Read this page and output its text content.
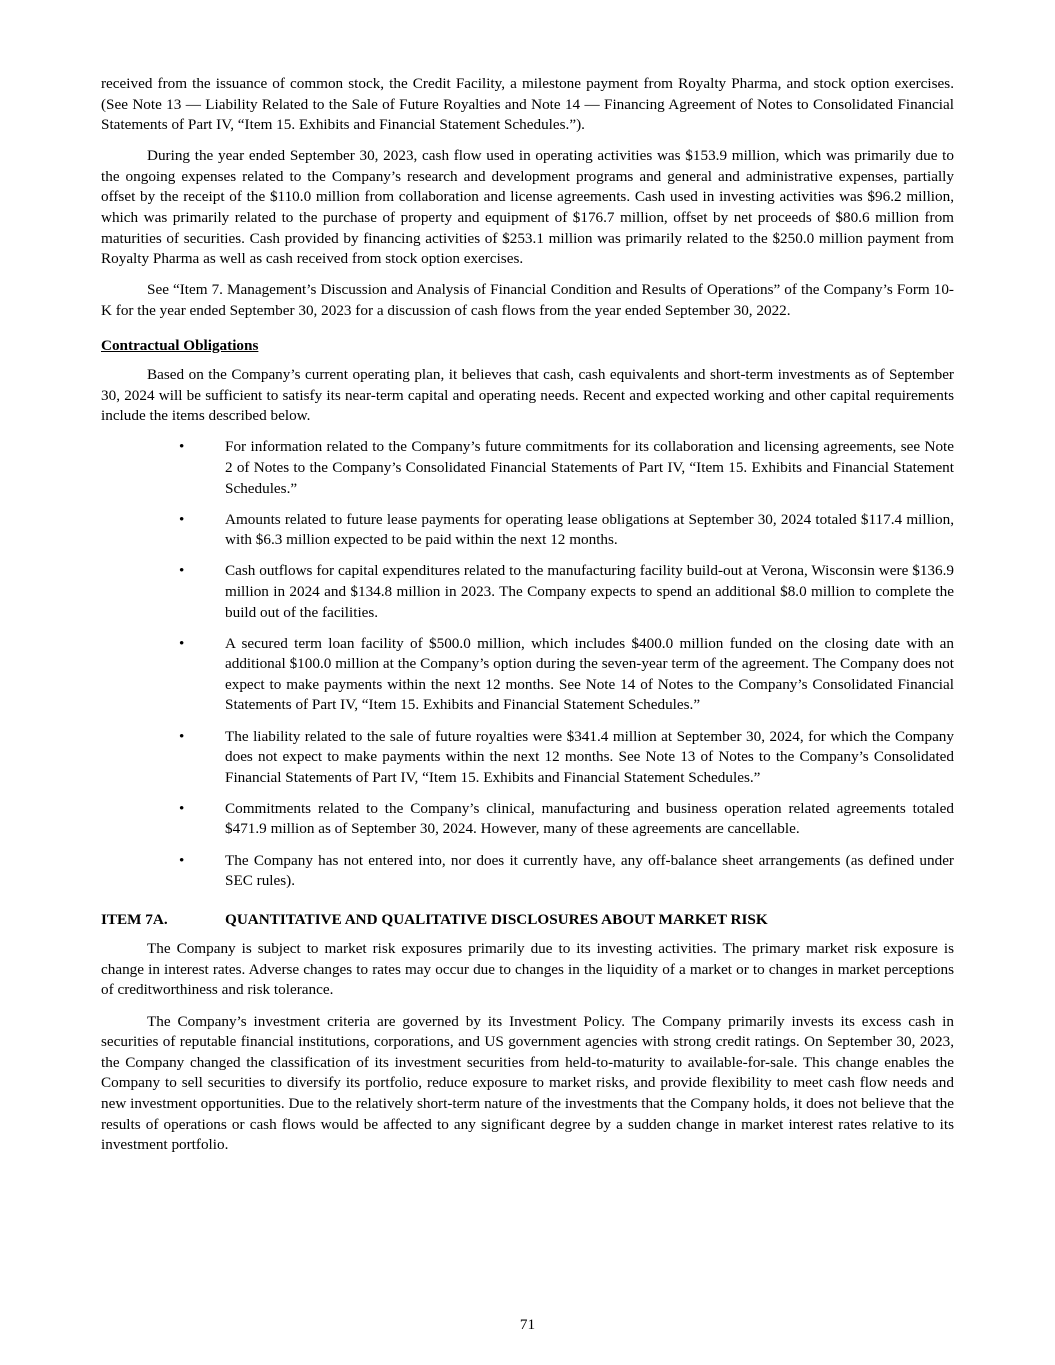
received from the issuance of common stock, the Credit Facility, a milestone payment from Royalty Pharma, and stock option exercises. (See Note 13 — Liability Related to the Sale of Future Royalties and Note 14 — Financing Agreement of Notes to Consolidated Financial Statements of Part IV, “Item 15. Exhibits and Financial Statement Schedules.”).

During the year ended September 30, 2023, cash flow used in operating activities was $153.9 million, which was primarily due to the ongoing expenses related to the Company’s research and development programs and general and administrative expenses, partially offset by the receipt of the $110.0 million from collaboration and license agreements. Cash used in investing activities was $96.2 million, which was primarily related to the purchase of property and equipment of $176.7 million, offset by net proceeds of $80.6 million from maturities of securities. Cash provided by financing activities of $253.1 million was primarily related to the $250.0 million payment from Royalty Pharma as well as cash received from stock option exercises.

See “Item 7. Management’s Discussion and Analysis of Financial Condition and Results of Operations” of the Company’s Form 10-K for the year ended September 30, 2023 for a discussion of cash flows from the year ended September 30, 2022.

Contractual Obligations

Based on the Company’s current operating plan, it believes that cash, cash equivalents and short-term investments as of September 30, 2024 will be sufficient to satisfy its near-term capital and operating needs. Recent and expected working and other capital requirements include the items described below.

•	For information related to the Company’s future commitments for its collaboration and licensing agreements, see Note 2 of Notes to the Company’s Consolidated Financial Statements of Part IV, “Item 15. Exhibits and Financial Statement Schedules.”
•	Amounts related to future lease payments for operating lease obligations at September 30, 2024 totaled $117.4 million, with $6.3 million expected to be paid within the next 12 months.
•	Cash outflows for capital expenditures related to the manufacturing facility build-out at Verona, Wisconsin were $136.9 million in 2024 and $134.8 million in 2023. The Company expects to spend an additional $8.0 million to complete the build out of the facilities.
•	A secured term loan facility of $500.0 million, which includes $400.0 million funded on the closing date with an additional $100.0 million at the Company’s option during the seven-year term of the agreement. The Company does not expect to make payments within the next 12 months. See Note 14 of Notes to the Company’s Consolidated Financial Statements of Part IV, “Item 15. Exhibits and Financial Statement Schedules.”
•	The liability related to the sale of future royalties were $341.4 million at September 30, 2024, for which the Company does not expect to make payments within the next 12 months. See Note 13 of Notes to the Company’s Consolidated Financial Statements of Part IV, “Item 15. Exhibits and Financial Statement Schedules.”
•	Commitments related to the Company’s clinical, manufacturing and business operation related agreements totaled $471.9 million as of September 30, 2024. However, many of these agreements are cancellable.
•	The Company has not entered into, nor does it currently have, any off-balance sheet arrangements (as defined under SEC rules).
ITEM 7A.	QUANTITATIVE AND QUALITATIVE DISCLOSURES ABOUT MARKET RISK

The Company is subject to market risk exposures primarily due to its investing activities. The primary market risk exposure is change in interest rates. Adverse changes to rates may occur due to changes in the liquidity of a market or to changes in market perceptions of creditworthiness and risk tolerance.

The Company’s investment criteria are governed by its Investment Policy. The Company primarily invests its excess cash in securities of reputable financial institutions, corporations, and US government agencies with strong credit ratings. On September 30, 2023, the Company changed the classification of its investment securities from held-to-maturity to available-for-sale. This change enables the Company to sell securities to diversify its portfolio, reduce exposure to market risks, and provide flexibility to meet cash flow needs and new investment opportunities. Due to the relatively short-term nature of the investments that the Company holds, it does not believe that the results of operations or cash flows would be affected to any significant degree by a sudden change in market interest rates relative to its investment portfolio.

71
